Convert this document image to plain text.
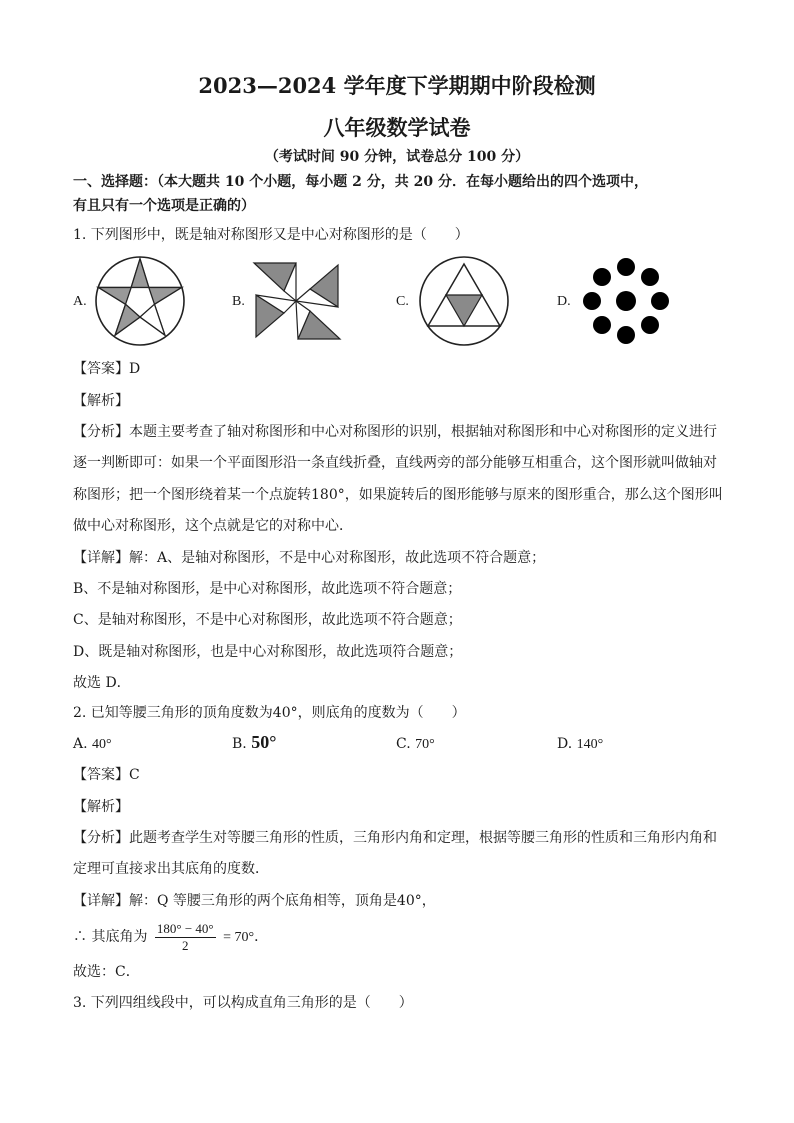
2023—2024 学年度下学期期中阶段检测
八年级数学试卷
（考试时间 90 分钟，试卷总分 100 分）
一、选择题：（本大题共 10 个小题，每小题 2 分，共 20 分．在每小题给出的四个选项中，
有且只有一个选项是正确的）
1. 下列图形中，既是轴对称图形又是中心对称图形的是（　　）
A.	B.	C.	D.
【答案】D
【解析】
【分析】本题主要考查了轴对称图形和中心对称图形的识别，根据轴对称图形和中心对称图形的定义进行
逐一判断即可：如果一个平面图形沿一条直线折叠，直线两旁的部分能够互相重合，这个图形就叫做轴对
称图形；把一个图形绕着某一个点旋转180°，如果旋转后的图形能够与原来的图形重合，那么这个图形叫
做中心对称图形，这个点就是它的对称中心．
【详解】解：A、是轴对称图形，不是中心对称图形，故此选项不符合题意；
B、不是轴对称图形，是中心对称图形，故此选项不符合题意；
C、是轴对称图形，不是中心对称图形，故此选项不符合题意；
D、既是轴对称图形，也是中心对称图形，故此选项符合题意；
故选 D．
2. 已知等腰三角形的顶角度数为40°，则底角的度数为（　　）
A. 40°	B. 50°	C. 70°	D. 140°
【答案】C
【解析】
【分析】此题考查学生对等腰三角形的性质，三角形内角和定理，根据等腰三角形的性质和三角形内角和
定理可直接求出其底角的度数．
【详解】解：Q 等腰三角形的两个底角相等，顶角是40°，
∴ 其底角为 $\frac{180^\circ - 40^\circ}{2} = 70^\circ$．
故选：C．
3. 下列四组线段中，可以构成直角三角形的是（　　）
